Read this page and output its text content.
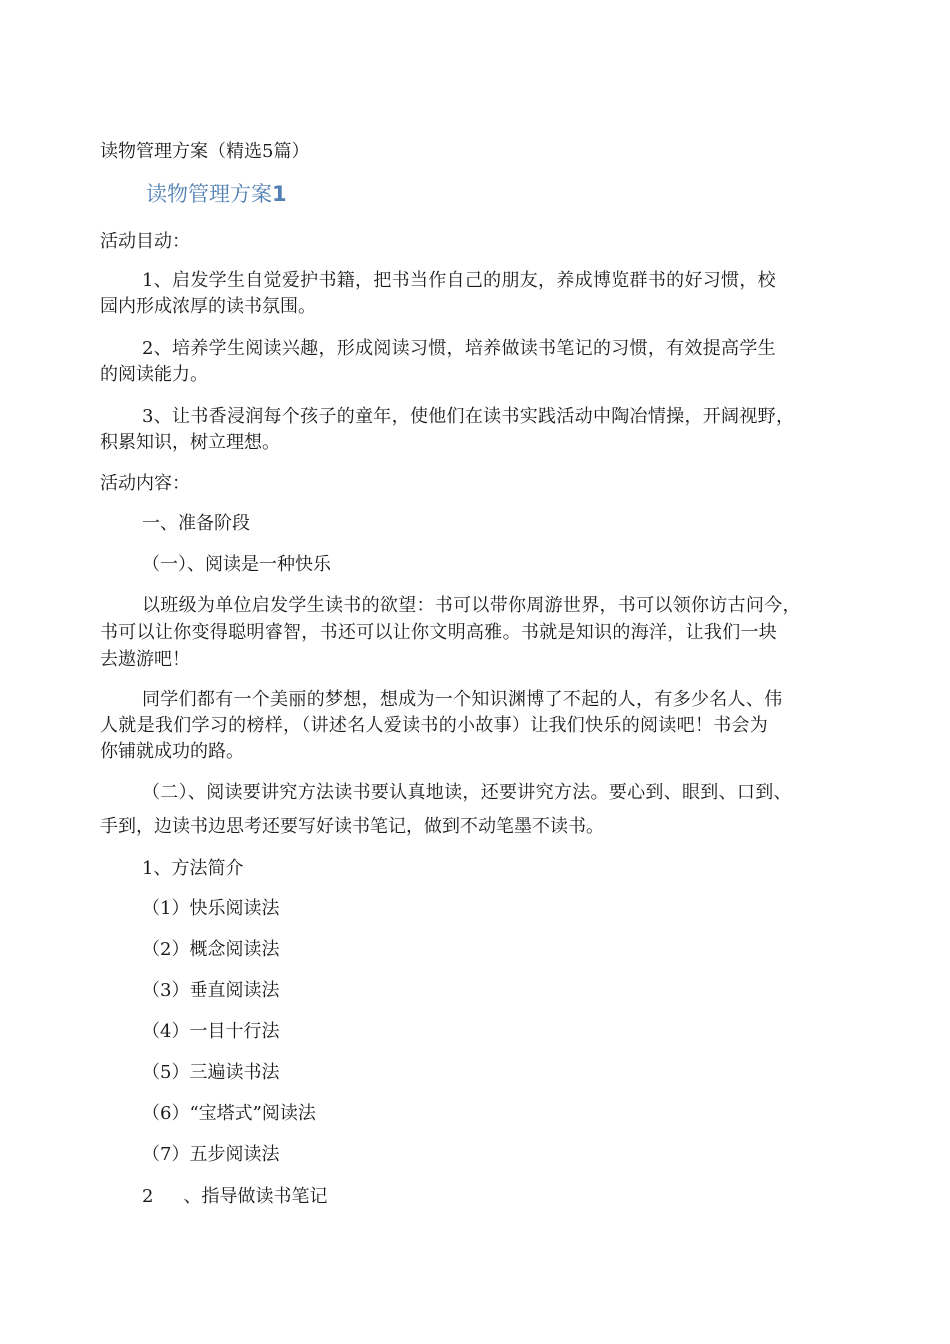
读物管理方案（精选5篇）
读物管理方案1
活动目动：
1、启发学生自觉爱护书籍，把书当作自己的朋友，养成博览群书的好习惯，校
园内形成浓厚的读书氛围。
2、培养学生阅读兴趣，形成阅读习惯，培养做读书笔记的习惯，有效提高学生
的阅读能力。
3、让书香浸润每个孩子的童年，使他们在读书实践活动中陶冶情操，开阔视野，
积累知识，树立理想。
活动内容：
一、准备阶段
（一）、阅读是一种快乐
以班级为单位启发学生读书的欲望：书可以带你周游世界，书可以领你访古问今，
书可以让你变得聪明睿智，书还可以让你文明高雅。书就是知识的海洋，让我们一块
去遨游吧！
同学们都有一个美丽的梦想，想成为一个知识渊博了不起的人，有多少名人、伟
人就是我们学习的榜样，（讲述名人爱读书的小故事）让我们快乐的阅读吧！书会为
你铺就成功的路。
（二）、阅读要讲究方法读书要认真地读，还要讲究方法。要心到、眼到、口到、
手到，边读书边思考还要写好读书笔记，做到不动笔墨不读书。
1、方法简介
（1）快乐阅读法
（2）概念阅读法
（3）垂直阅读法
（4）一目十行法
（5）三遍读书法
（6）“宝塔式”阅读法
（7）五步阅读法
2 、指导做读书笔记
